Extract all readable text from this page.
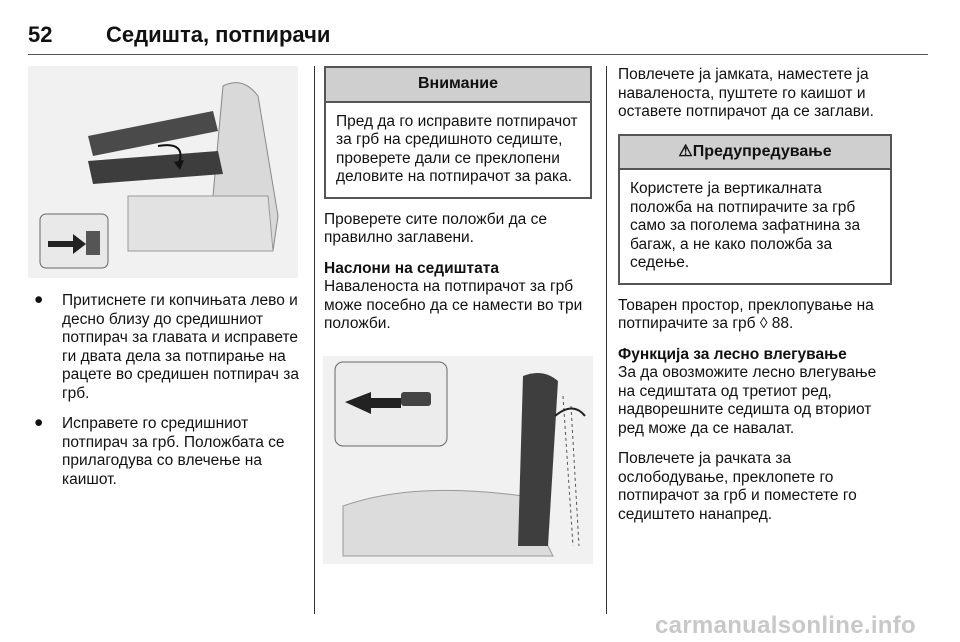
52 Седишта, потпирачи
● Притиснете ги копчињата лево и десно близу до средишниот потпирач за главата и исправете ги двата дела за потпирање на рацете во средишен потпирач за грб.
● Исправете го средишниот потпирач за грб. Положбата се прилагодува со влечење на каишот.
Внимание
Пред да го исправите потпирачот за грб на средишното седиште, проверете дали се преклопени деловите на потпирачот за рака.

Проверете сите положби да се правилно заглавени.

Наслони на седиштата

Наваленоста на потпирачот за грб може посебно да се намести во три положби.

Повлечете ја јамката, наместете ја наваленоста, пуштете го каишот и оставете потпирачот да се заглави.

⚠Предупредување
Користете ја вертикалната положба на потпирачите за грб само за поголема зафатнина за багаж, а не како положба за седење.

Товарен простор, преклопување на потпирачите за грб ◊ 88.

Функција за лесно влегување

За да овозможите лесно влегување на седиштата од третиот ред, надворешните седишта од вториот ред може да се навалат.

Повлечете ја рачката за ослободување, преклопете го потпирачот за грб и поместете го седиштето нанапред.

carmanualsonline.info
